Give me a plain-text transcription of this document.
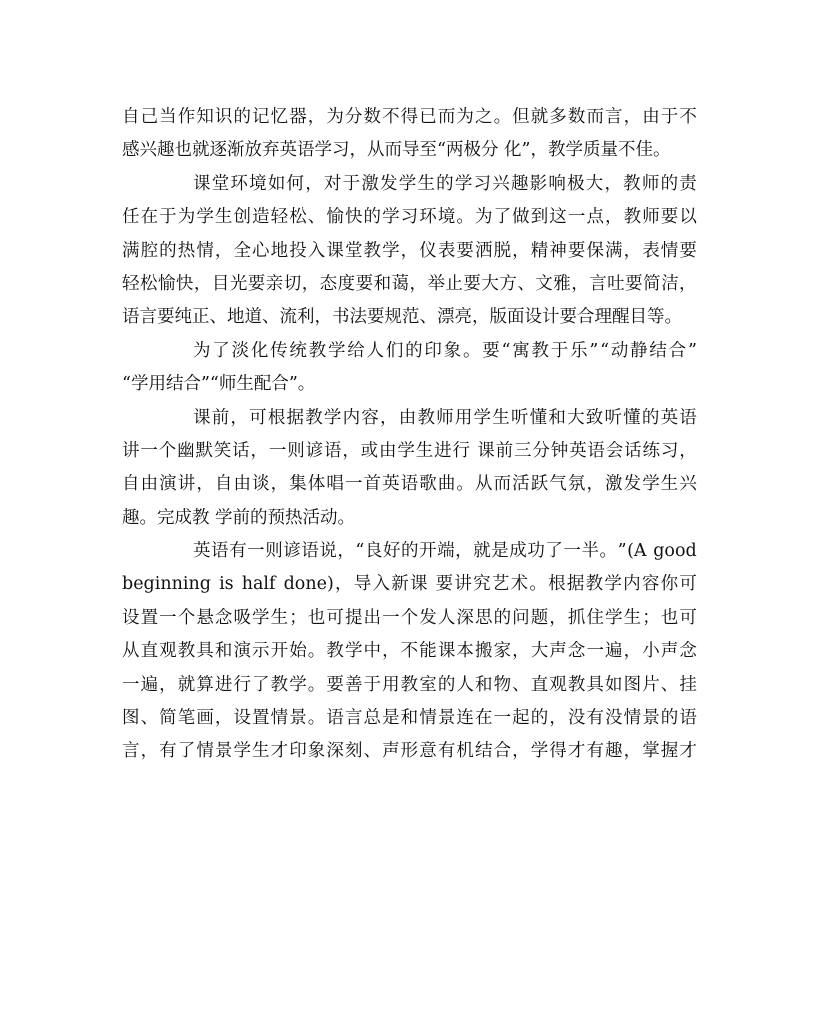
自 己 当 作 知 识 的 记 忆 器 ， 为 分 数 不 得 已 而 为 之 。 但 就 多 数 而 言 ， 由 于 不
感兴趣也就逐渐放弃英语学习，从而导至“两极分 化”，教学质量不佳。
课 堂 环 境 如 何 ， 对 于 激 发 学 生 的 学 习 兴 趣 影 响 极 大 ， 教 师 的 责
任 在 于 为 学 生 创 造 轻 松 、 愉 快 的 学 习 环 境 。 为 了 做 到 这 一 点 ， 教 师 要 以
满 腔 的 热 情 ， 全 心 地 投 入 课 堂 教 学 ， 仪 表 要 洒 脱 ， 精 神 要 保 满 ， 表 情 要
轻 松 愉 快 ， 目 光 要 亲 切 ， 态 度 要 和 蔼 ， 举 止 要 大 方 、 文 雅 ， 言 吐 要 简 洁 ，
语言要纯正、地道、流利，书法要规范、漂亮，版面设计要合理醒目等。
为 了 淡 化 传 统 教 学 给 人 们 的 印 象 。 要 “ 寓 教 于 乐 ” “ 动 静 结 合 ”
“学用结合”“师生配合”。
课 前 ， 可 根 据 教 学 内 容 ， 由 教 师 用 学 生 听 懂 和 大 致 听 懂 的 英 语
讲 一 个 幽 默 笑 话 ， 一 则 谚 语 ， 或 由 学 生 进 行
课 前 三 分 钟 英 语 会 话 练 习 ，
自 由 演 讲 ， 自 由 谈 ， 集 体 唱 一 首 英 语 歌 曲 。 从 而 活 跃 气 氛 ， 激 发 学 生 兴
趣。完成教 学前的预热活动。
英 语 有 一 则 谚 语 说 ， “ 良 好 的 开 端 ， 就 是 成 功 了 一 半 。 ” (A
good
beginning
is
half
done) ， 导 入 新 课
要 讲 究 艺 术 。 根 据 教 学 内 容 你 可
设 置 一 个 悬 念 吸 学 生 ； 也 可 提 出 一 个 发 人 深 思 的 问 题 ， 抓 住 学 生 ； 也 可
从 直 观 教 具 和 演 示 开 始 。 教 学 中 ， 不 能 课 本 搬 家 ， 大 声 念 一 遍 ， 小 声 念
一 遍 ， 就 算 进 行 了 教 学 。 要 善 于 用 教 室 的 人 和 物 、 直 观 教 具 如 图 片 、 挂
图 、 简 笔 画 ， 设 置 情 景 。 语 言 总 是 和 情 景 连 在 一 起 的 ， 没 有 没 情 景 的 语
言 ， 有 了 情 景 学 生 才 印 象 深 刻 、 声 形 意 有 机 结 合 ， 学 得 才 有 趣 ， 掌 握 才
